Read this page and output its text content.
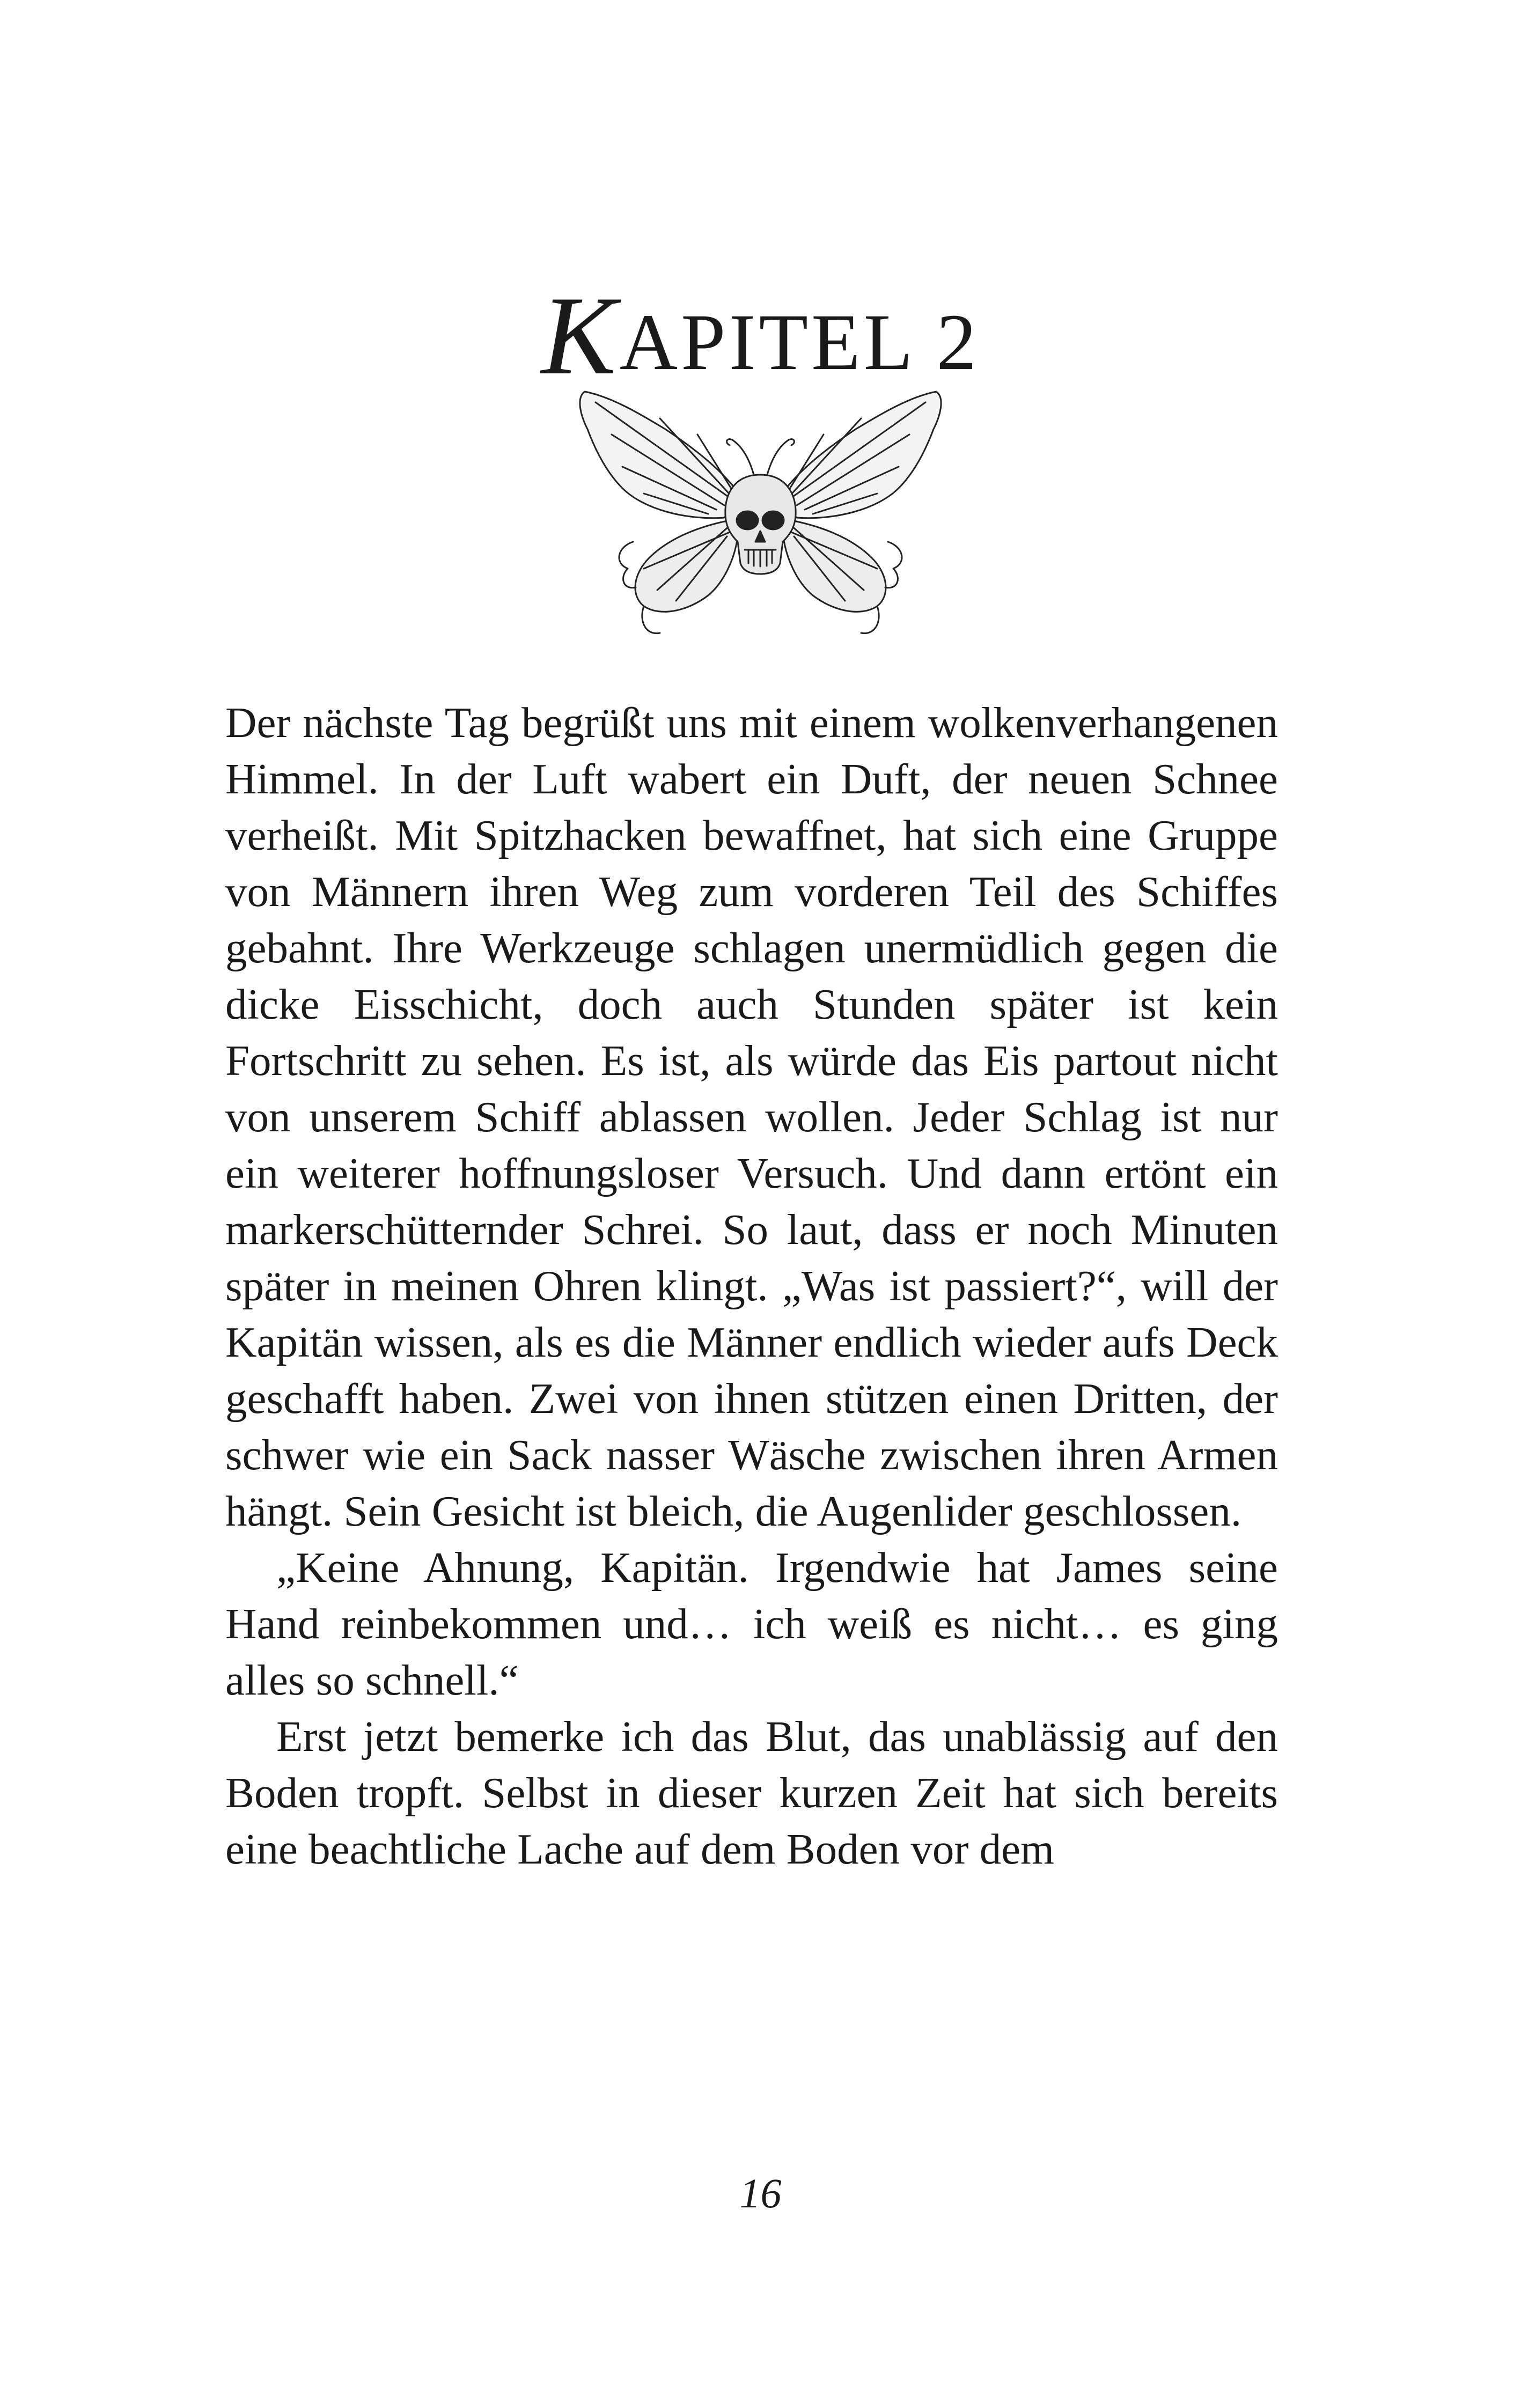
KAPITEL 2

Der nächste Tag begrüßt uns mit einem wolkenverhangenen Himmel. In der Luft wabert ein Duft, der neuen Schnee verheißt. Mit Spitzhacken bewaffnet, hat sich eine Gruppe von Männern ihren Weg zum vorderen Teil des Schiffes gebahnt. Ihre Werkzeuge schlagen unermüdlich gegen die dicke Eisschicht, doch auch Stunden später ist kein Fortschritt zu sehen. Es ist, als würde das Eis partout nicht von unserem Schiff ablassen wollen. Jeder Schlag ist nur ein weiterer hoffnungsloser Versuch. Und dann ertönt ein markerschütternder Schrei. So laut, dass er noch Minuten später in meinen Ohren klingt. „Was ist passiert?“, will der Kapitän wissen, als es die Männer endlich wieder aufs Deck geschafft haben. Zwei von ihnen stützen einen Dritten, der schwer wie ein Sack nasser Wäsche zwischen ihren Armen hängt. Sein Gesicht ist bleich, die Augenlider geschlossen.

„Keine Ahnung, Kapitän. Irgendwie hat James seine Hand reinbekommen und… ich weiß es nicht… es ging alles so schnell.“

Erst jetzt bemerke ich das Blut, das unablässig auf den Boden tropft. Selbst in dieser kurzen Zeit hat sich bereits eine beachtliche Lache auf dem Boden vor dem

16
